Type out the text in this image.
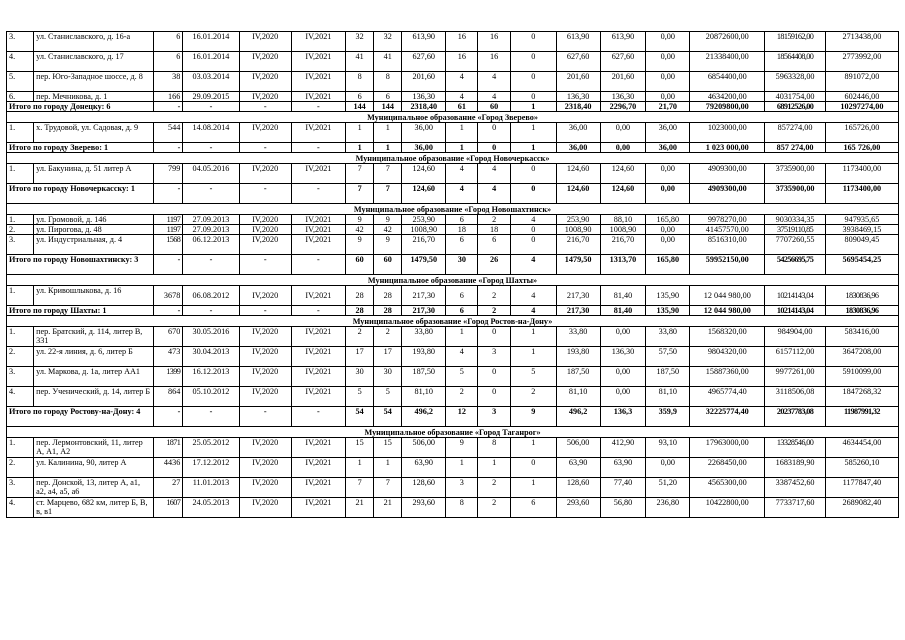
3.	ул. Станиславского, д. 16-а	6	16.01.2014	IV,2020	IV,2021	32	32	613,90	16	16	0	613,90	613,90	0,00	20872600,00	18159162,00	2713438,00
4.	ул. Станиславского, д. 17	6	16.01.2014	IV,2020	IV,2021	41	41	627,60	16	16	0	627,60	627,60	0,00	21338400,00	18564408,00	2773992,00
5.	пер. Юго-Западное шоссе, д. 8	38	03.03.2014	IV,2020	IV,2021	8	8	201,60	4	4	0	201,60	201,60	0,00	6854400,00	5963328,00	891072,00
6.	пер. Мечникова, д. 1	166	29.09.2015	IV,2020	IV,2021	6	6	136,30	4	4	0	136,30	136,30	0,00	4634200,00	4031754,00	602446,00
Итого по городу Донецку: 6		-	-	-	-	144	144	2318,40	61	60	1	2318,40	2296,70	21,70	79209800,00	68912526,00	10297274,00
Муниципальное образование «Город Зверево»																	
1.	х. Трудовой, ул. Садовая, д. 9	544	14.08.2014	IV,2020	IV,2021	1	1	36,00	1	0	1	36,00	0,00	36,00	1023000,00	857274,00	165726,00
Итого по городу Зверево: 1		-	-	-	-	1	1	36,00	1	0	1	36,00	0,00	36,00	1 023 000,00	857 274,00	165 726,00
Муниципальное образование «Город Новочеркасск»																	
1.	ул. Бакунина, д. 51 литер А	799	04.05.2016	IV,2020	IV,2021	7	7	124,60	4	4	0	124,60	124,60	0,00	4909300,00	3735900,00	1173400,00
Итого по городу Новочеркасску: 1		-	-	-	-	7	7	124,60	4	4	0	124,60	124,60	0,00	4909300,00	3735900,00	1173400,00
Муниципальное образование «Город Новошахтинск»																	
1.	ул. Громовой, д. 146	1197	27.09.2013	IV,2020	IV,2021	9	9	253,90	6	2	4	253,90	88,10	165,80	9978270,00	9030334,35	947935,65
2.	ул. Пирогова, д. 48	1197	27.09.2013	IV,2020	IV,2021	42	42	1008,90	18	18	0	1008,90	1008,90	0,00	41457570,00	37519110,85	3938469,15
3.	ул. Индустриальная, д. 4	1568	06.12.2013	IV,2020	IV,2021	9	9	216,70	6	6	0	216,70	216,70	0,00	8516310,00	7707260,55	809049,45
Итого по городу Новошахтинску: 3		-	-	-	-	60	60	1479,50	30	26	4	1479,50	1313,70	165,80	59952150,00	54256695,75	5695454,25
Муниципальное образование «Город Шахты»																	
1.	ул. Кривошлыкова, д. 16	3678	06.08.2012	IV,2020	IV,2021	28	28	217,30	6	2	4	217,30	81,40	135,90	12 044 980,00	10214143,04	1830836,96
Итого по городу Шахты: 1		-	-	-	-	28	28	217,30	6	2	4	217,30	81,40	135,90	12 044 980,00	10214143,04	1830836,96
Муниципальное образование «Город Ростов-на-Дону»																	
1.	пер. Братский, д. 114, литер В, 331	670	30.05.2016	IV,2020	IV,2021	2	2	33,80	1	0	1	33,80	0,00	33,80	1568320,00	984904,00	583416,00
2.	ул. 22-я линия, д. 6, литер Б	473	30.04.2013	IV,2020	IV,2021	17	17	193,80	4	3	1	193,80	136,30	57,50	9804320,00	6157112,00	3647208,00
3.	ул. Маркова, д. 1а, литер АА1	1399	16.12.2013	IV,2020	IV,2021	30	30	187,50	5	0	5	187,50	0,00	187,50	15887360,00	9977261,00	5910099,00
4.	пер. Ученический, д. 14, литер Б	864	05.10.2012	IV,2020	IV,2021	5	5	81,10	2	0	2	81,10	0,00	81,10	4965774,40	3118506,08	1847268,32
Итого по городу Ростову-на-Дону: 4		-	-	-	-	54	54	496,2	12	3	9	496,2	136,3	359,9	32225774,40	20237783,08	11987991,32
Муниципальное образование «Город Таганрог»																	
1.	пер. Лермонтовский, 11, литер А, А1, А2	1871	25.05.2012	IV,2020	IV,2021	15	15	506,00	9	8	1	506,00	412,90	93,10	17963000,00	13328546,00	4634454,00
2.	ул. Калинина, 90, литер А	4436	17.12.2012	IV,2020	IV,2021	1	1	63,90	1	1	0	63,90	63,90	0,00	2268450,00	1683189,90	585260,10
3.	пер. Донской, 13, литер А, а1, а2, а4, а5, а6	27	11.01.2013	IV,2020	IV,2021	7	7	128,60	3	2	1	128,60	77,40	51,20	4565300,00	3387452,60	1177847,40
4.	ст. Марцево, 682 км, литер Б, В, в, в1	1607	24.05.2013	IV,2020	IV,2021	21	21	293,60	8	2	6	293,60	56,80	236,80	10422800,00	7733717,60	2689082,40
